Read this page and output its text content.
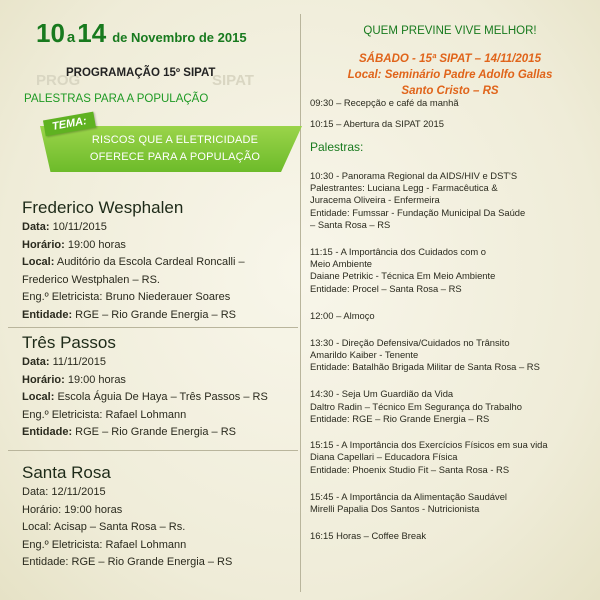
10 a14 de Novembro de 2015
PROG	SIPAT
PROGRAMAÇÃO 15º SIPAT
PALESTRAS PARA A POPULAÇÃO
RISCOS QUE A ELETRICIDADE
OFERECE PARA A POPULAÇÃO
TEMA:
Frederico Wesphalen
Data: 10/11/2015
Horário: 19:00 horas
Local: Auditório da Escola Cardeal Roncalli –
Frederico Westphalen – RS.
Eng.º Eletricista: Bruno Niederauer Soares
Entidade: RGE – Rio Grande Energia – RS
Três Passos
Data: 11/11/2015
Horário: 19:00 horas
Local: Escola Águia De Haya – Três Passos – RS
Eng.º Eletricista: Rafael Lohmann
Entidade: RGE – Rio Grande Energia – RS
Santa Rosa
Data: 12/11/2015
Horário: 19:00 horas
Local: Acisap – Santa Rosa – Rs.
Eng.º Eletricista: Rafael Lohmann
Entidade: RGE – Rio Grande Energia – RS
QUEM PREVINE VIVE MELHOR!
SÁBADO - 15ª SIPAT – 14/11/2015
Local: Seminário Padre Adolfo Gallas
Santo Cristo – RS
09:30 – Recepção e café da manhã
10:15 – Abertura da SIPAT 2015
Palestras:
10:30 - Panorama Regional da AIDS/HIV e DST'S
Palestrantes: Luciana Legg - Farmacêutica &
Juracema Oliveira - Enfermeira
Entidade: Fumssar - Fundação Municipal Da Saúde
– Santa Rosa – RS
11:15 - A Importância dos Cuidados com o
Meio Ambiente
Daiane Petrikic - Técnica Em Meio Ambiente
Entidade: Procel – Santa Rosa – RS
12:00 – Almoço
13:30 - Direção Defensiva/Cuidados no Trânsito
Amarildo Kaiber - Tenente
Entidade: Batalhão Brigada Militar de Santa Rosa – RS
14:30 - Seja Um Guardião da Vida
Daltro Radin – Técnico Em Segurança do Trabalho
Entidade: RGE – Rio Grande Energia – RS
15:15 - A Importância dos Exercícios Físicos em sua vida
Diana Capellari – Educadora Física
Entidade: Phoenix Studio Fit – Santa Rosa - RS
15:45 - A Importância da Alimentação Saudável
Mirelli Papalia Dos Santos - Nutricionista
16:15 Horas – Coffee Break
